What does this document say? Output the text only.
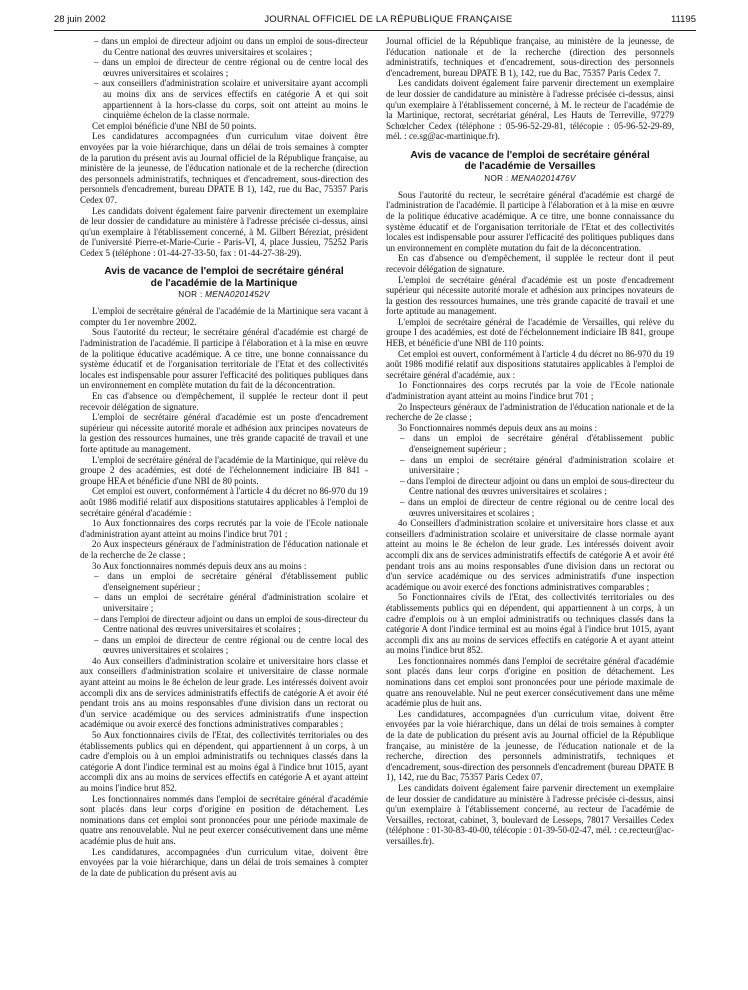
28 juin 2002	JOURNAL OFFICIEL DE LA RÉPUBLIQUE FRANÇAISE	11195

– dans un emploi de directeur adjoint ou dans un emploi de sous-directeur du Centre national des œuvres universitaires et scolaires ;

– dans un emploi de directeur de centre régional ou de centre local des œuvres universitaires et scolaires ;

– aux conseillers d'administration scolaire et universitaire ayant accompli au moins dix ans de services effectifs en catégorie A et qui soit appartiennent à la hors-classe du corps, soit ont atteint au moins le cinquième échelon de la classe normale.

Cet emploi bénéficie d'une NBI de 50 points.

Les candidatures accompagnées d'un curriculum vitae doivent être envoyées par la voie hiérarchique, dans un délai de trois semaines à compter de la parution du présent avis au Journal officiel de la République française, au ministère de la jeunesse, de l'éducation nationale et de la recherche (direction des personnels administratifs, techniques et d'encadrement, sous-direction des personnels d'encadrement, bureau DPATE B 1), 142, rue du Bac, 75357 Paris Cedex 07.

Les candidats doivent également faire parvenir directement un exemplaire de leur dossier de candidature au ministère à l'adresse précisée ci-dessus, ainsi qu'un exemplaire à l'établissement concerné, à M. Gilbert Béreziat, président de l'université Pierre-et-Marie-Curie - Paris-VI, 4, place Jussieu, 75252 Paris Cedex 5 (téléphone : 01-44-27-33-50, fax : 01-44-27-38-29).

Avis de vacance de l'emploi de secrétaire général
de l'académie de la Martinique
NOR : MENA0201452V

L'emploi de secrétaire général de l'académie de la Martinique sera vacant à compter du 1er novembre 2002.

Sous l'autorité du recteur, le secrétaire général d'académie est chargé de l'administration de l'académie. Il participe à l'élaboration et à la mise en œuvre de la politique éducative académique. A ce titre, une bonne connaissance du système éducatif et de l'organisation territoriale de l'Etat et des collectivités locales est indispensable pour assurer l'efficacité des politiques publiques dans un environnement en complète mutation du fait de la déconcentration.

En cas d'absence ou d'empêchement, il supplée le recteur dont il peut recevoir délégation de signature.

L'emploi de secrétaire général d'académie est un poste d'encadrement supérieur qui nécessite autorité morale et adhésion aux principes novateurs de la gestion des ressources humaines, une très grande capacité de travail et une forte aptitude au management.

L'emploi de secrétaire général de l'académie de la Martinique, qui relève du groupe 2 des académies, est doté de l'échelonnement indiciaire IB 841 - groupe HEA et bénéficie d'une NBI de 80 points.

Cet emploi est ouvert, conformément à l'article 4 du décret no 86-970 du 19 août 1986 modifié relatif aux dispositions statutaires applicables à l'emploi de secrétaire général d'académie :

1o Aux fonctionnaires des corps recrutés par la voie de l'Ecole nationale d'administration ayant atteint au moins l'indice brut 701 ;

2o Aux inspecteurs généraux de l'administration de l'éducation nationale et de la recherche de 2e classe ;

3o Aux fonctionnaires nommés depuis deux ans au moins :

– dans un emploi de secrétaire général d'établissement public d'enseignement supérieur ;

– dans un emploi de secrétaire général d'administration scolaire et universitaire ;

– dans l'emploi de directeur adjoint ou dans un emploi de sous-directeur du Centre national des œuvres universitaires et scolaires ;

– dans un emploi de directeur de centre régional ou de centre local des œuvres universitaires et scolaires ;

4o Aux conseillers d'administration scolaire et universitaire hors classe et aux conseillers d'administration scolaire et universitaire de classe normale ayant atteint au moins le 8e échelon de leur grade. Les intéressés doivent avoir accompli dix ans de services administratifs effectifs de catégorie A et avoir été pendant trois ans au moins responsables d'une division dans un rectorat ou d'un service académique ou des services administratifs d'une inspection académique ou avoir exercé des fonctions administratives comparables ;

5o Aux fonctionnaires civils de l'Etat, des collectivités territoriales ou des établissements publics qui en dépendent, qui appartiennent à un corps, à un cadre d'emplois ou à un emploi administratifs ou techniques classés dans la catégorie A dont l'indice terminal est au moins égal à l'indice brut 1015, ayant accompli dix ans au moins de services effectifs en catégorie A et ayant atteint au moins l'indice brut 852.

Les fonctionnaires nommés dans l'emploi de secrétaire général d'académie sont placés dans leur corps d'origine en position de détachement. Les nominations dans cet emploi sont prononcées pour une période maximale de quatre ans renouvelable. Nul ne peut exercer consécutivement dans une même académie plus de huit ans.

Les candidatures, accompagnées d'un curriculum vitae, doivent être envoyées par la voie hiérarchique, dans un délai de trois semaines à compter de la date de publication du présent avis au

Journal officiel de la République française, au ministère de la jeunesse, de l'éducation nationale et de la recherche (direction des personnels administratifs, techniques et d'encadrement, sous-direction des personnels d'encadrement, bureau DPATE B 1), 142, rue du Bac, 75357 Paris Cedex 7.

Les candidats doivent également faire parvenir directement un exemplaire de leur dossier de candidature au ministère à l'adresse précisée ci-dessus, ainsi qu'un exemplaire à l'établissement concerné, à M. le recteur de l'académie de la Martinique, rectorat, secrétariat général, Les Hauts de Terreville, 97279 Schœlcher Cedex (téléphone : 05-96-52-29-81, télécopie : 05-96-52-29-89, mél. : ce.sg@ac-martinique.fr).

Avis de vacance de l'emploi de secrétaire général
de l'académie de Versailles
NOR : MENA0201476V

Sous l'autorité du recteur, le secrétaire général d'académie est chargé de l'administration de l'académie. Il participe à l'élaboration et à la mise en œuvre de la politique éducative académique. A ce titre, une bonne connaissance du système éducatif et de l'organisation territoriale de l'Etat et des collectivités locales est indispensable pour assurer l'efficacité des politiques publiques dans un environnement en complète mutation du fait de la déconcentration.

En cas d'absence ou d'empêchement, il supplée le recteur dont il peut recevoir délégation de signature.

L'emploi de secrétaire général d'académie est un poste d'encadrement supérieur qui nécessite autorité morale et adhésion aux principes novateurs de la gestion des ressources humaines, une très grande capacité de travail et une forte aptitude au management.

L'emploi de secrétaire général de l'académie de Versailles, qui relève du groupe I des académies, est doté de l'échelonnement indiciaire IB 841, groupe HEB, et bénéficie d'une NBI de 110 points.

Cet emploi est ouvert, conformément à l'article 4 du décret no 86-970 du 19 août 1986 modifié relatif aux dispositions statutaires applicables à l'emploi de secrétaire général d'académie, aux :

1o Fonctionnaires des corps recrutés par la voie de l'Ecole nationale d'administration ayant atteint au moins l'indice brut 701 ;

2o Inspecteurs généraux de l'administration de l'éducation nationale et de la recherche de 2e classe ;

3o Fonctionnaires nommés depuis deux ans au moins :

– dans un emploi de secrétaire général d'établissement public d'enseignement supérieur ;

– dans un emploi de secrétaire général d'administration scolaire et universitaire ;

– dans l'emploi de directeur adjoint ou dans un emploi de sous-directeur du Centre national des œuvres universitaires et scolaires ;

– dans un emploi de directeur de centre régional ou de centre local des œuvres universitaires et scolaires ;

4o Conseillers d'administration scolaire et universitaire hors classe et aux conseillers d'administration scolaire et universitaire de classe normale ayant atteint au moins le 8e échelon de leur grade. Les intéressés doivent avoir accompli dix ans de services administratifs effectifs de catégorie A et avoir été pendant trois ans au moins responsables d'une division dans un rectorat ou d'un service académique ou des services administratifs d'une inspection académique ou avoir exercé des fonctions administratives comparables ;

5o Fonctionnaires civils de l'Etat, des collectivités territoriales ou des établissements publics qui en dépendent, qui appartiennent à un corps, à un cadre d'emplois ou à un emploi administratifs ou techniques classés dans la catégorie A dont l'indice terminal est au moins égal à l'indice brut 1015, ayant accompli dix ans au moins de services effectifs en catégorie A et ayant atteint au moins l'indice brut 852.

Les fonctionnaires nommés dans l'emploi de secrétaire général d'académie sont placés dans leur corps d'origine en position de détachement. Les nominations dans cet emploi sont prononcées pour une période maximale de quatre ans renouvelable. Nul ne peut exercer consécutivement dans une même académie plus de huit ans.

Les candidatures, accompagnées d'un curriculum vitae, doivent être envoyées par la voie hiérarchique, dans un délai de trois semaines à compter de la date de publication du présent avis au Journal officiel de la République française, au ministère de la jeunesse, de l'éducation nationale et de la recherche, direction des personnels administratifs, techniques et d'encadrement, sous-direction des personnels d'encadrement (bureau DPATE B 1), 142, rue du Bac, 75357 Paris Cedex 07.

Les candidats doivent également faire parvenir directement un exemplaire de leur dossier de candidature au ministère à l'adresse précisée ci-dessus, ainsi qu'un exemplaire à l'établissement concerné, au recteur de l'académie de Versailles, rectorat, cabinet, 3, boulevard de Lesseps, 78017 Versailles Cedex (téléphone : 01-30-83-40-00, télécopie : 01-39-50-02-47, mél. : ce.recteur@ac-versailles.fr).
